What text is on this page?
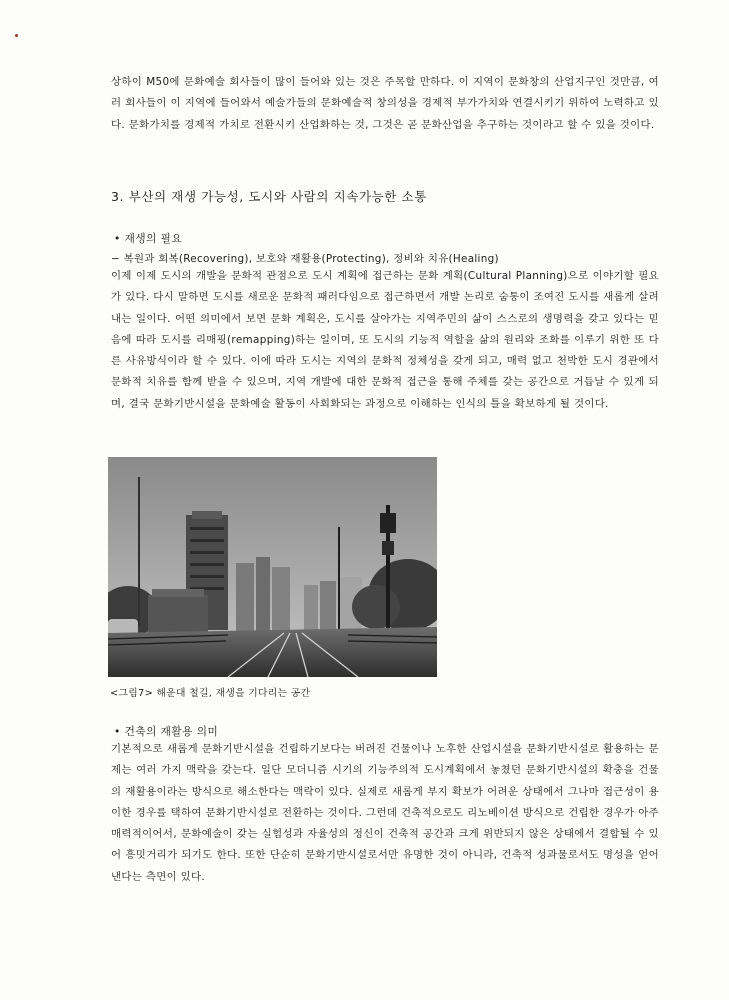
상하이 M50에 문화예술 회사들이 많이 들어와 있는 것은 주목할 만하다. 이 지역이 문화창의 산업지구인 것만큼, 여러 회사들이 이 지역에 들어와서 예술가들의 문화예술적 창의성을 경제적 부가가치와 연결시키기 위하여 노력하고 있다. 문화가치를 경제적 가치로 전환시키 산업화하는 것, 그것은 곧 문화산업을 추구하는 것이라고 할 수 있을 것이다.

3. 부산의 재생 가능성, 도시와 사람의 지속가능한 소통

• 재생의 필요

− 복원과 회복(Recovering), 보호와 재활용(Protecting), 정비와 치유(Healing)

이제 이제 도시의 개발을 문화적 관점으로 도시 계획에 접근하는 문화 계획(Cultural Planning)으로 이야기할 필요가 있다. 다시 말하면 도시를 새로운 문화적 패러다임으로 접근하면서 개발 논리로 숨통이 조여진 도시를 새롭게 살려내는 일이다. 어떤 의미에서 보면 문화 계획은, 도시를 살아가는 지역주민의 삶이 스스로의 생명력을 갖고 있다는 믿음에 따라 도시를 리매핑(remapping)하는 일이며, 또 도시의 기능적 역할을 삶의 원리와 조화를 이루기 위한 또 다른 사유방식이라 할 수 있다. 이에 따라 도시는 지역의 문화적 정체성을 갖게 되고, 매력 없고 천박한 도시 경관에서 문화적 치유를 함께 받을 수 있으며, 지역 개발에 대한 문화적 접근을 통해 주체를 갖는 공간으로 거듭날 수 있게 되며, 결국 문화기반시설을 문화예술 활동이 사회화되는 과정으로 이해하는 인식의 틀을 확보하게 될 것이다.

<그림7> 해운대 철길, 재생을 기다리는 공간

• 건축의 재활용 의미

기본적으로 새롭게 문화기반시설을 건립하기보다는 버려진 건물이나 노후한 산업시설을 문화기반시설로 활용하는 문제는 여러 가지 맥락을 갖는다. 일단 모더니즘 시기의 기능주의적 도시계획에서 놓쳤던 문화기반시설의 확충을 건물의 재활용이라는 방식으로 해소한다는 맥락이 있다. 실제로 새롭게 부지 확보가 어려운 상태에서 그나마 접근성이 용이한 경우를 택하여 문화기반시설로 전환하는 것이다. 그런데 건축적으로도 리노베이션 방식으로 건립한 경우가 아주 매력적이어서, 문화예술이 갖는 실험성과 자율성의 정신이 건축적 공간과 크게 위반되지 않은 상태에서 결합될 수 있어 흥밋거리가 되기도 한다. 또한 단순히 문화기반시설로서만 유명한 것이 아니라, 건축적 성과물로서도 명성을 얻어낸다는 측면이 있다.
